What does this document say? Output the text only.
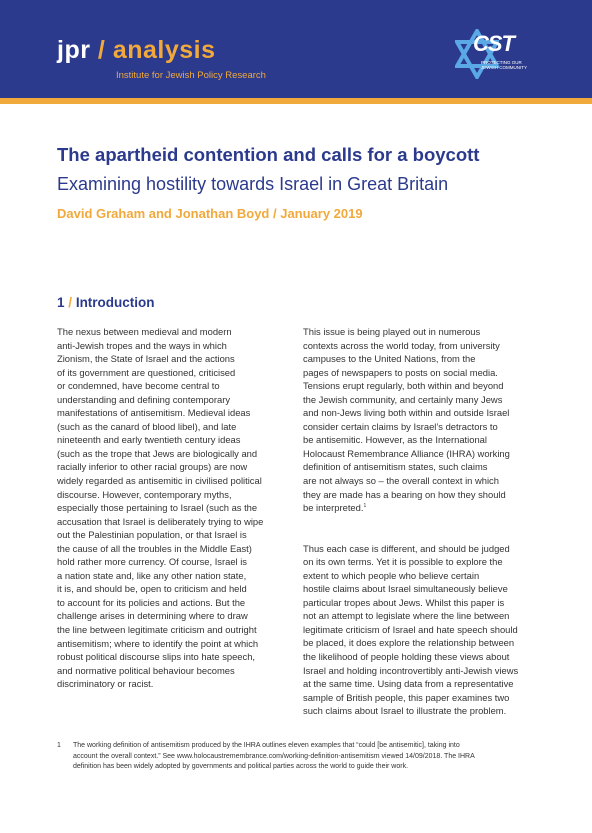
jpr / analysis
Institute for Jewish Policy Research
CST
PROTECTING OUR
JEWISH COMMUNITY
The apartheid contention and calls for a boycott
Examining hostility towards Israel in Great Britain
David Graham and Jonathan Boyd / January 2019
1 / Introduction

The nexus between medieval and modern

anti-Jewish tropes and the ways in which

Zionism, the State of Israel and the actions

of its government are questioned, criticised

or condemned, have become central to

understanding and defining contemporary

manifestations of antisemitism. Medieval ideas

(such as the canard of blood libel), and late

nineteenth and early twentieth century ideas

(such as the trope that Jews are biologically and

racially inferior to other racial groups) are now

widely regarded as antisemitic in civilised political

discourse. However, contemporary myths,

especially those pertaining to Israel (such as the

accusation that Israel is deliberately trying to wipe

out the Palestinian population, or that Israel is

the cause of all the troubles in the Middle East)

hold rather more currency. Of course, Israel is

a nation state and, like any other nation state,

it is, and should be, open to criticism and held

to account for its policies and actions. But the

challenge arises in determining where to draw

the line between legitimate criticism and outright

antisemitism; where to identify the point at which

robust political discourse slips into hate speech,

and normative political behaviour becomes

discriminatory or racist.

This issue is being played out in numerous

contexts across the world today, from university

campuses to the United Nations, from the

pages of newspapers to posts on social media.

Tensions erupt regularly, both within and beyond

the Jewish community, and certainly many Jews

and non-Jews living both within and outside Israel

consider certain claims by Israel’s detractors to

be antisemitic. However, as the International

Holocaust Remembrance Alliance (IHRA) working

definition of antisemitism states, such claims

are not always so – the overall context in which

they are made has a bearing on how they should

be interpreted.$^1$

Thus each case is different, and should be judged

on its own terms. Yet it is possible to explore the

extent to which people who believe certain

hostile claims about Israel simultaneously believe

particular tropes about Jews. Whilst this paper is

not an attempt to legislate where the line between

legitimate criticism of Israel and hate speech should

be placed, it does explore the relationship between

the likelihood of people holding these views about

Israel and holding incontrovertibly anti-Jewish views

at the same time. Using data from a representative

sample of British people, this paper examines two

such claims about Israel to illustrate the problem.

1 The working definition of antisemitism produced by the IHRA outlines eleven examples that “could [be antisemitic], taking into
account the overall context.” See www.holocaustremembrance.com/working-definition-antisemitism viewed 14/09/2018. The IHRA
definition has been widely adopted by governments and political parties across the world to guide their work.
